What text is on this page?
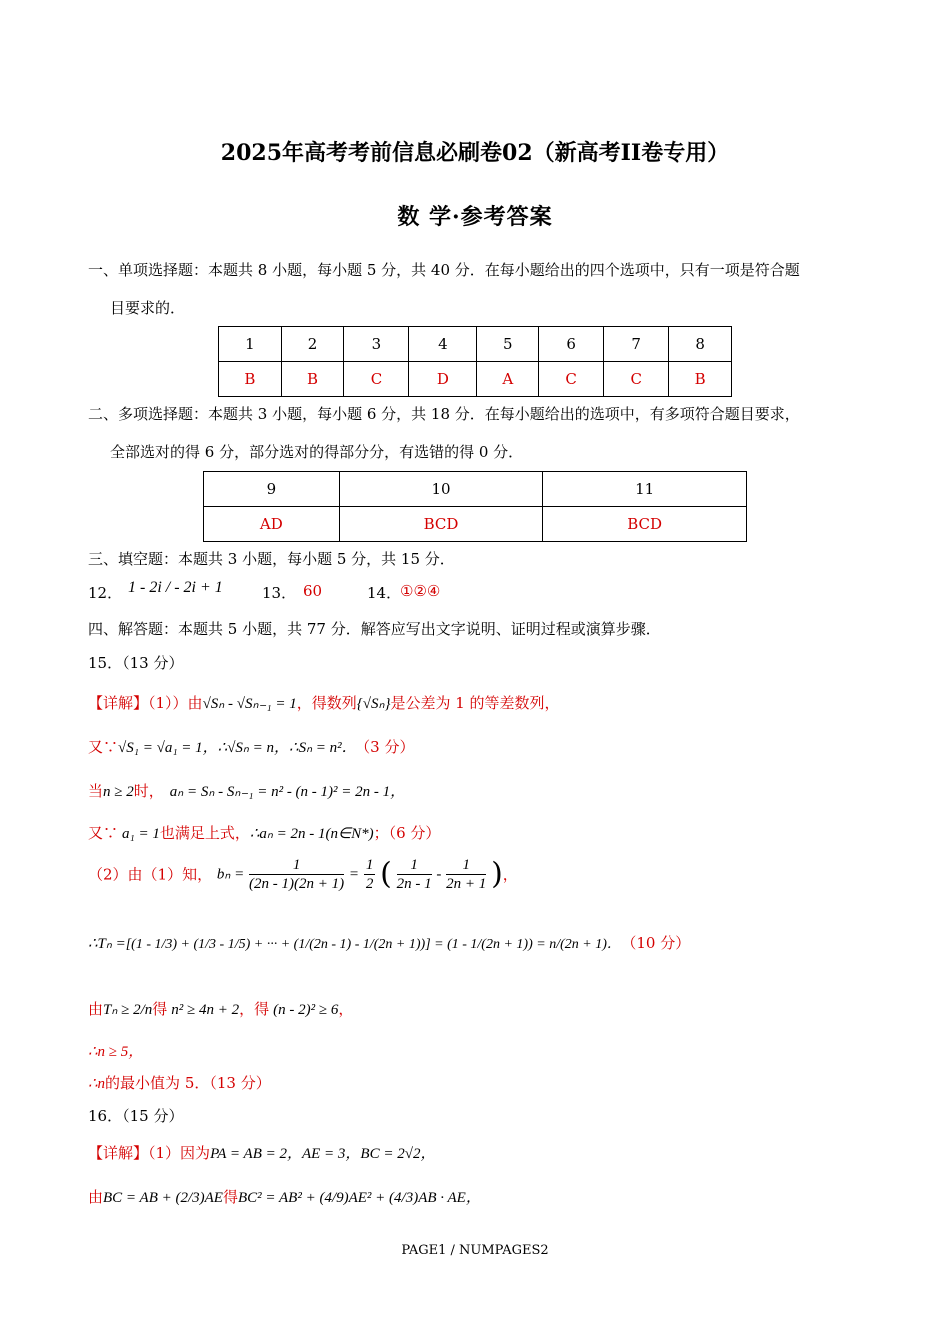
2025年高考考前信息必刷卷02（新高考II卷专用）
数 学·参考答案
一、单项选择题：本题共 8 小题，每小题 5 分，共 40 分．在每小题给出的四个选项中，只有一项是符合题
目要求的．
1	2	3	4	5	6	7	8
B	B	C	D	A	C	C	B
二、多项选择题：本题共 3 小题，每小题 6 分，共 18 分．在每小题给出的选项中，有多项符合题目要求，
全部选对的得 6 分，部分选对的得部分分，有选错的得 0 分．
9	10	11
AD	BCD	BCD
三、填空题：本题共 3 小题，每小题 5 分，共 15 分．
12． 1 - 2i / - 2i + 1	13． 60	14．
①②④
四、解答题：本题共 5 小题，共 77 分．解答应写出文字说明、证明过程或演算步骤．
15．（13 分）
【详解】（1））由√Sₙ - √Sₙ₋₁ = 1，得数列{√Sₙ}是公差为 1 的等差数列，
又∵√S₁ = √a₁ = 1，∴√Sₙ = n，∴Sₙ = n²． （3 分）
当n ≥ 2时， aₙ = Sₙ - Sₙ₋₁ = n² - (n - 1)² = 2n - 1，
又∵ a₁ = 1也满足上式，∴aₙ = 2n - 1(n∈N*)；（6 分）
（2）由（1）知， $b_n = \frac{1}{(2n - 1)(2n + 1)} = \frac{1}{2}$ ( $\frac{1}{2n - 1} - \frac{1}{2n + 1}$ )，
∴Tₙ =[(1 - 1/3) + (1/3 - 1/5) + ··· + (1/(2n - 1) - 1/(2n + 1))] = (1 - 1/(2n + 1)) = n/(2n + 1)． （10 分）
由Tₙ ≥ 2/n得 n² ≥ 4n + 2，得 (n - 2)² ≥ 6，
∴n ≥ 5，
∴n的最小值为 5．（13 分）
16．（15 分）
【详解】（1）因为PA = AB = 2，AE = 3，BC = 2√2，
由BC = AB + (2/3)AE得BC² = AB² + (4/9)AE² + (4/3)AB · AE，
PAGE1 / NUMPAGES2
